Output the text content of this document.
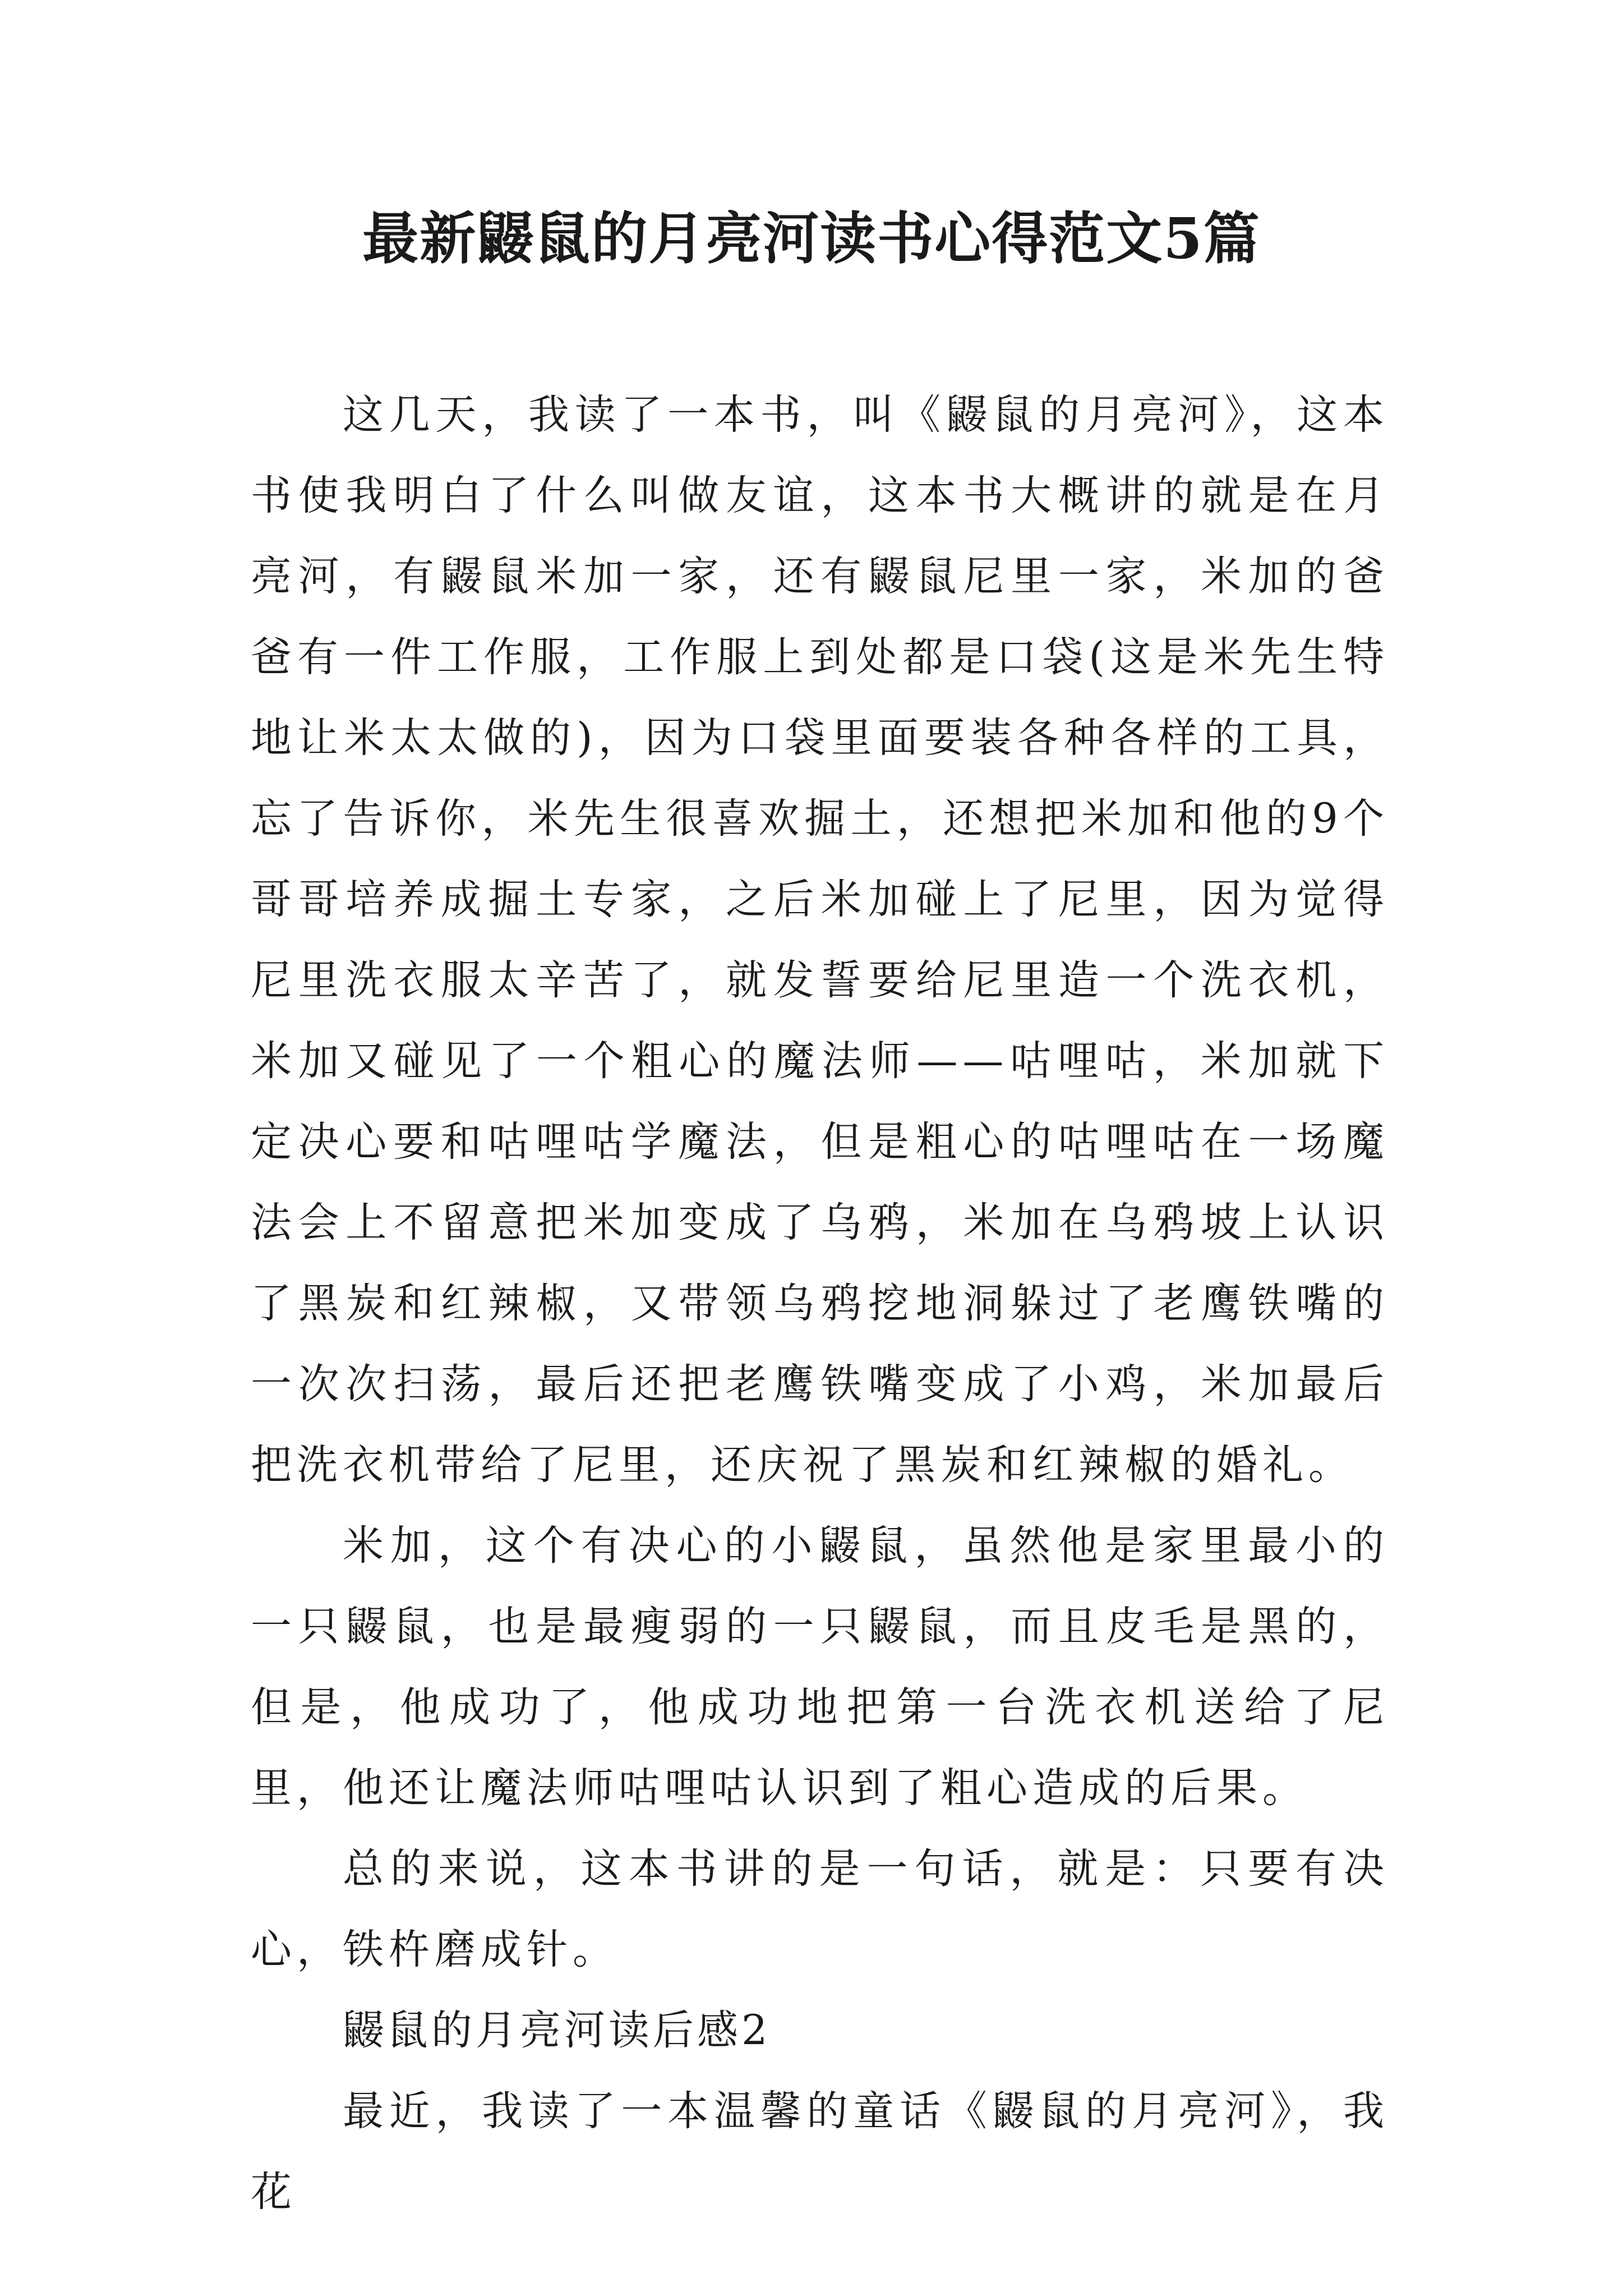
最新鼹鼠的月亮河读书心得范文5篇

这几天，我读了一本书，叫《鼹鼠的月亮河》，这本书使我明白了什么叫做友谊，这本书大概讲的就是在月亮河，有鼹鼠米加一家，还有鼹鼠尼里一家，米加的爸爸有一件工作服，工作服上到处都是口袋(这是米先生特地让米太太做的)，因为口袋里面要装各种各样的工具，忘了告诉你，米先生很喜欢掘土，还想把米加和他的9个哥哥培养成掘土专家，之后米加碰上了尼里，因为觉得尼里洗衣服太辛苦了，就发誓要给尼里造一个洗衣机，米加又碰见了一个粗心的魔法师——咕哩咕，米加就下定决心要和咕哩咕学魔法，但是粗心的咕哩咕在一场魔法会上不留意把米加变成了乌鸦，米加在乌鸦坡上认识了黑炭和红辣椒，又带领乌鸦挖地洞躲过了老鹰铁嘴的一次次扫荡，最后还把老鹰铁嘴变成了小鸡，米加最后把洗衣机带给了尼里，还庆祝了黑炭和红辣椒的婚礼。

米加，这个有决心的小鼹鼠，虽然他是家里最小的一只鼹鼠，也是最瘦弱的一只鼹鼠，而且皮毛是黑的，但是，他成功了，他成功地把第一台洗衣机送给了尼里，他还让魔法师咕哩咕认识到了粗心造成的后果。

总的来说，这本书讲的是一句话，就是：只要有决心，铁杵磨成针。

鼹鼠的月亮河读后感2

最近，我读了一本温馨的童话《鼹鼠的月亮河》，我花
